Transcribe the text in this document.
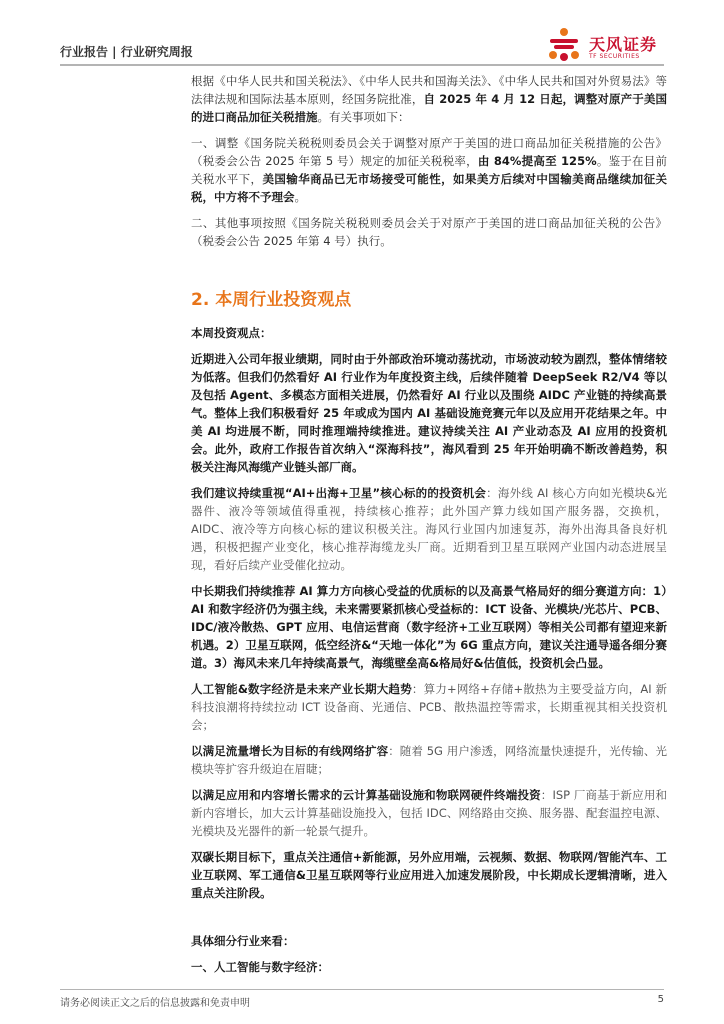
行业报告 | 行业研究周报	天风证券
TF SECURITIES

根据《中华人民共和国关税法》、《中华人民共和国海关法》、《中华人民共和国对外贸易法》等法律法规和国际法基本原则，经国务院批准，自 2025 年 4 月 12 日起，调整对原产于美国的进口商品加征关税措施。有关事项如下：

一、调整《国务院关税税则委员会关于调整对原产于美国的进口商品加征关税措施的公告》（税委会公告 2025 年第 5 号）规定的加征关税税率，由 84%提高至 125%。鉴于在目前关税水平下，美国输华商品已无市场接受可能性，如果美方后续对中国输美商品继续加征关税，中方将不予理会。

二、其他事项按照《国务院关税税则委员会关于对原产于美国的进口商品加征关税的公告》（税委会公告 2025 年第 4 号）执行。

2. 本周行业投资观点

本周投资观点：

近期进入公司年报业绩期，同时由于外部政治环境动荡扰动，市场波动较为剧烈，整体情绪较为低落。但我们仍然看好 AI 行业作为年度投资主线，后续伴随着 DeepSeek R2/V4 等以及包括 Agent、多模态方面相关进展，仍然看好 AI 行业以及围绕 AIDC 产业链的持续高景气。整体上我们积极看好 25 年或成为国内 AI 基础设施竞赛元年以及应用开花结果之年。中美 AI 均进展不断，同时推理端持续推进。建议持续关注 AI 产业动态及 AI 应用的投资机会。此外，政府工作报告首次纳入“深海科技”，海风看到 25 年开始明确不断改善趋势，积极关注海风海缆产业链头部厂商。

我们建议持续重视“AI+出海+卫星”核心标的的投资机会：海外线 AI 核心方向如光模块&光器件、液冷等领域值得重视，持续核心推荐；此外国产算力线如国产服务器，交换机，AIDC、液冷等方向核心标的建议积极关注。海风行业国内加速复苏，海外出海具备良好机遇，积极把握产业变化，核心推荐海缆龙头厂商。近期看到卫星互联网产业国内动态进展呈现，看好后续产业受催化拉动。

中长期我们持续推荐 AI 算力方向核心受益的优质标的以及高景气格局好的细分赛道方向：1）AI 和数字经济仍为强主线，未来需要紧抓核心受益标的：ICT 设备、光模块/光芯片、PCB、IDC/液冷散热、GPT 应用、电信运营商（数字经济+工业互联网）等相关公司都有望迎来新机遇。2）卫星互联网，低空经济&“天地一体化”为 6G 重点方向，建议关注通导遥各细分赛道。3）海风未来几年持续高景气，海缆壁垒高&格局好&估值低，投资机会凸显。

人工智能&数字经济是未来产业长期大趋势：算力+网络+存储+散热为主要受益方向，AI 新科技浪潮将持续拉动 ICT 设备商、光通信、PCB、散热温控等需求，长期重视其相关投资机会；

以满足流量增长为目标的有线网络扩容：随着 5G 用户渗透，网络流量快速提升，光传输、光模块等扩容升级迫在眉睫；

以满足应用和内容增长需求的云计算基础设施和物联网硬件终端投资：ISP 厂商基于新应用和新内容增长，加大云计算基础设施投入，包括 IDC、网络路由交换、服务器、配套温控电源、光模块及光器件的新一轮景气提升。

双碳长期目标下，重点关注通信+新能源，另外应用端，云视频、数据、物联网/智能汽车、工业互联网、军工通信&卫星互联网等行业应用进入加速发展阶段，中长期成长逻辑清晰，进入重点关注阶段。

具体细分行业来看：

一、人工智能与数字经济：

请务必阅读正文之后的信息披露和免责申明	5
